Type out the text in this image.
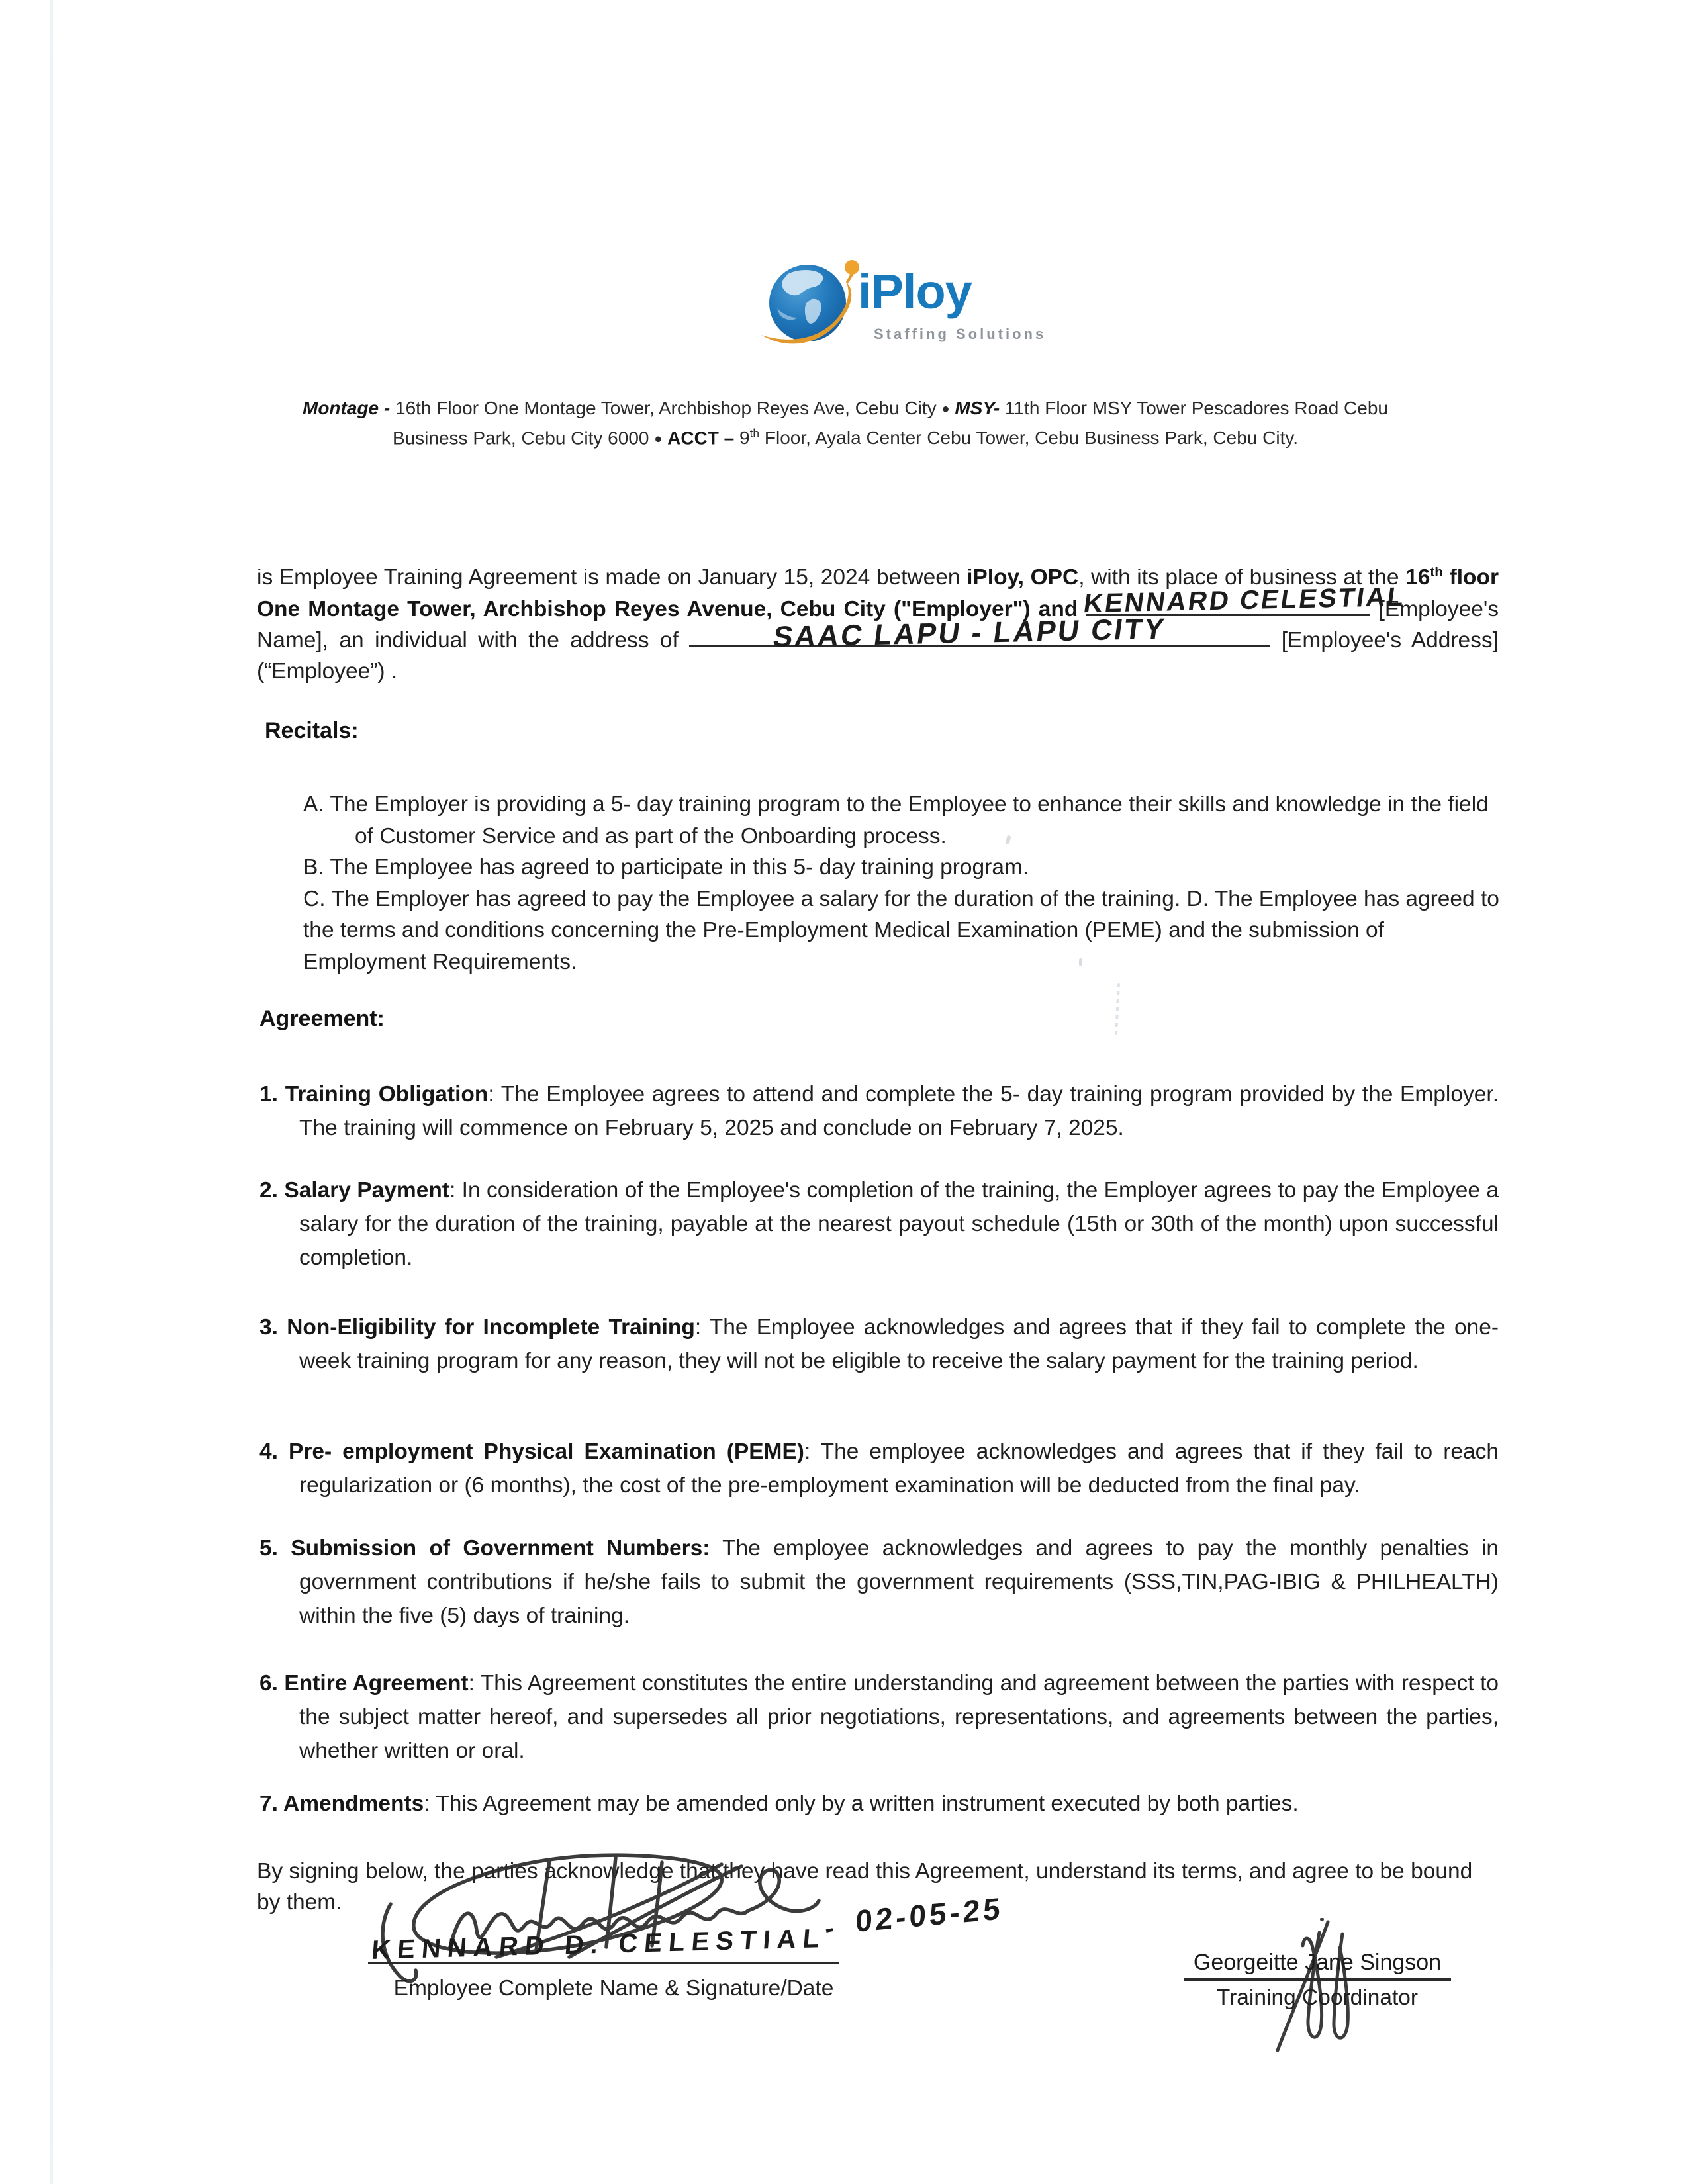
iPloy
Staffing Solutions
Montage - 16th Floor One Montage Tower, Archbishop Reyes Ave, Cebu City ● MSY- 11th Floor MSY Tower Pescadores Road Cebu Business Park, Cebu City 6000 ● ACCT – 9th Floor, Ayala Center Cebu Tower, Cebu Business Park, Cebu City.
is Employee Training Agreement is made on January 15, 2024 between iPloy, OPC, with its place of business at the 16th floor One Montage Tower, Archbishop Reyes Avenue, Cebu City ("Employer") and KENNARD CELESTIAL
[Employee's Name], an individual with the address of	SAAC LAPU - LAPU CITY	[Employee's Address] (“Employee”) .
Recitals:
A. The Employer is providing a 5- day training program to the Employee to enhance their skills and knowledge in the field of Customer Service and as part of the Onboarding process.
B. The Employee has agreed to participate in this 5- day training program.
C. The Employer has agreed to pay the Employee a salary for the duration of the training. D. The Employee has agreed to the terms and conditions concerning the Pre-Employment Medical Examination (PEME) and the submission of Employment Requirements.
Agreement:
1. Training Obligation: The Employee agrees to attend and complete the 5- day training program provided by the Employer. The training will commence on February 5, 2025 and conclude on February 7, 2025.
2. Salary Payment: In consideration of the Employee's completion of the training, the Employer agrees to pay the Employee a salary for the duration of the training, payable at the nearest payout schedule (15th or 30th of the month) upon successful completion.
3. Non-Eligibility for Incomplete Training: The Employee acknowledges and agrees that if they fail to complete the one-week training program for any reason, they will not be eligible to receive the salary payment for the training period.
4. Pre- employment Physical Examination (PEME): The employee acknowledges and agrees that if they fail to reach regularization or (6 months), the cost of the pre-employment examination will be deducted from the final pay.
5. Submission of Government Numbers: The employee acknowledges and agrees to pay the monthly penalties in government contributions if he/she fails to submit the government requirements (SSS,TIN,PAG-IBIG & PHILHEALTH) within the five (5) days of training.
6. Entire Agreement: This Agreement constitutes the entire understanding and agreement between the parties with respect to the subject matter hereof, and supersedes all prior negotiations, representations, and agreements between the parties, whether written or oral.
7. Amendments: This Agreement may be amended only by a written instrument executed by both parties.
By signing below, the parties acknowledge that they have read this Agreement, understand its terms, and agree to be bound by them.
KENNARD D. CELESTIAL
- 02-05-25
Employee Complete Name & Signature/Date
Georgeitte Jane Singson
Training Coordinator
